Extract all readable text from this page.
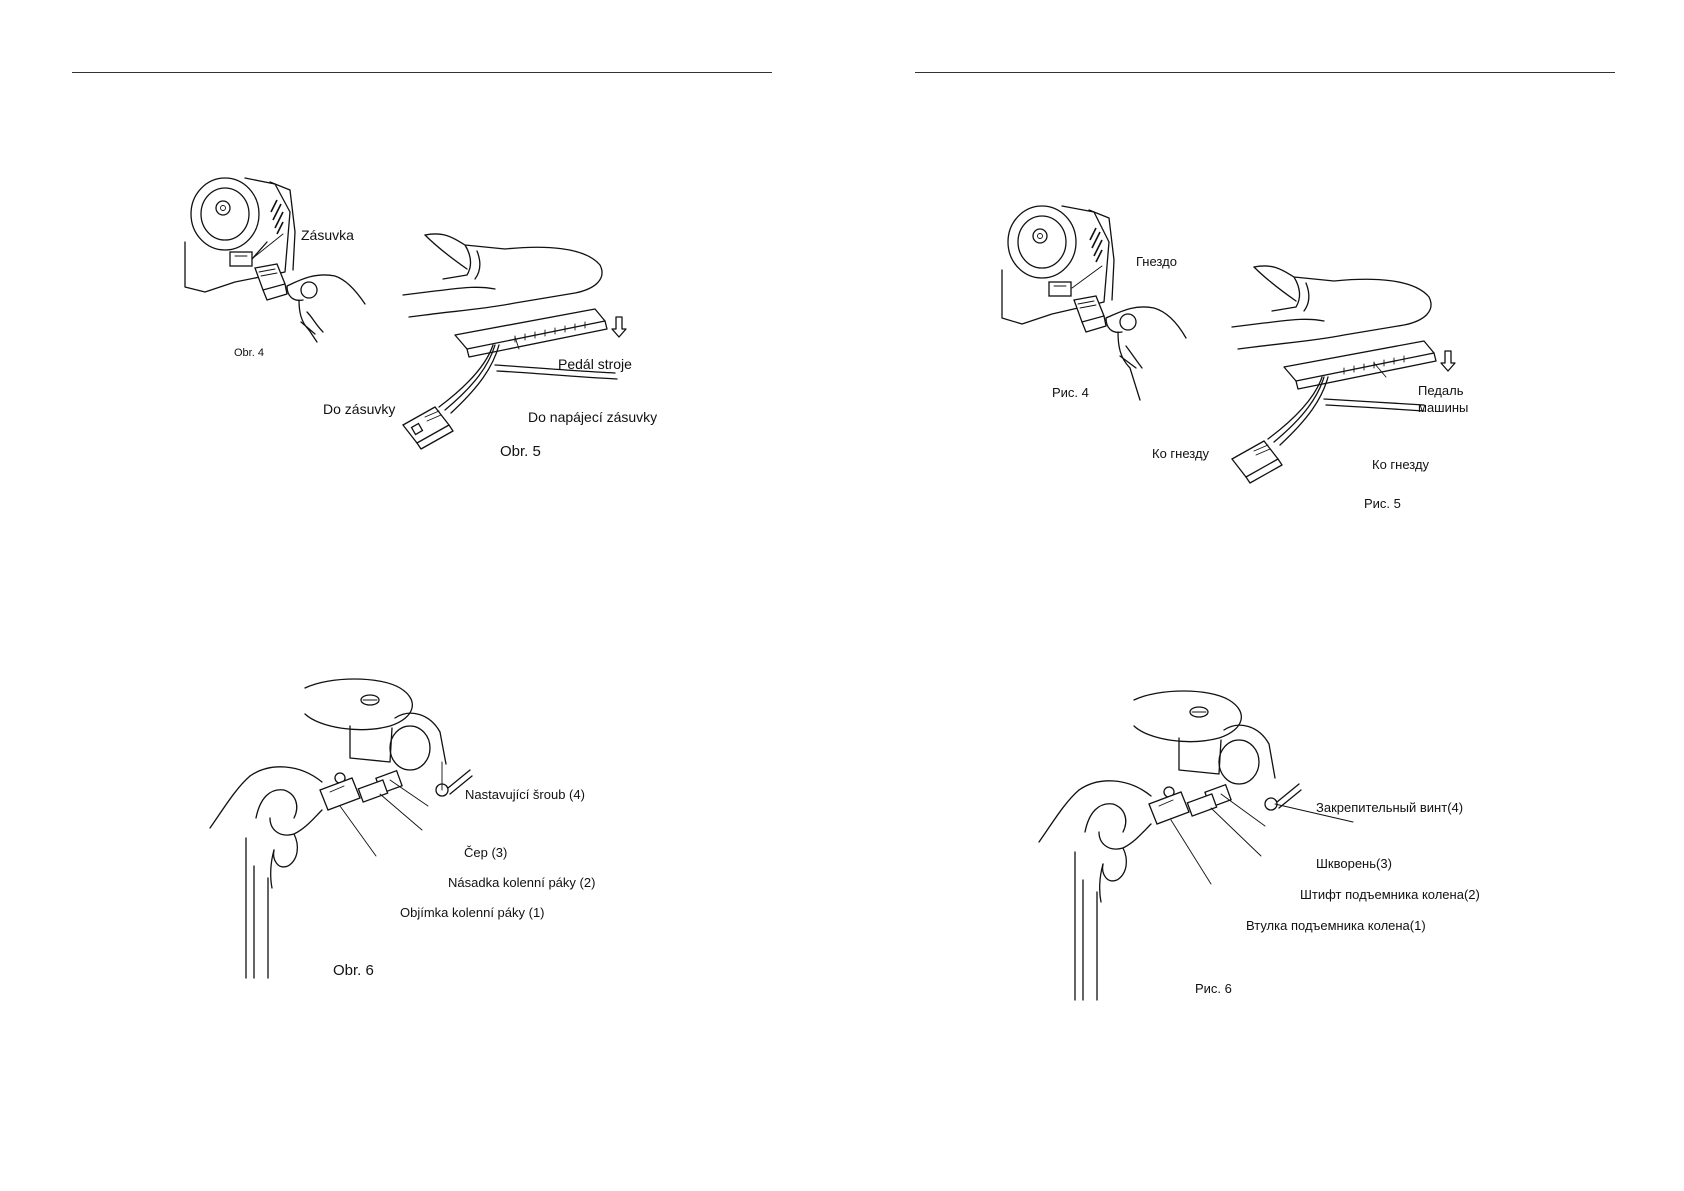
Zásuvka
Obr. 4
Do zásuvky
Pedál stroje
Do napájecí zásuvky
Obr. 5
Nastavující šroub (4)
Čep (3)
Násadka kolenní páky (2)
Objímka kolenní páky (1)
Obr. 6
Гнездо
Рис. 4
Ко гнезду
Педаль
машины
Ко гнезду
Рис. 5
Закрепительный винт(4)
Шкворень(3)
Штифт подъемника колена(2)
Втулка подъемника колена(1)
Рис. 6
